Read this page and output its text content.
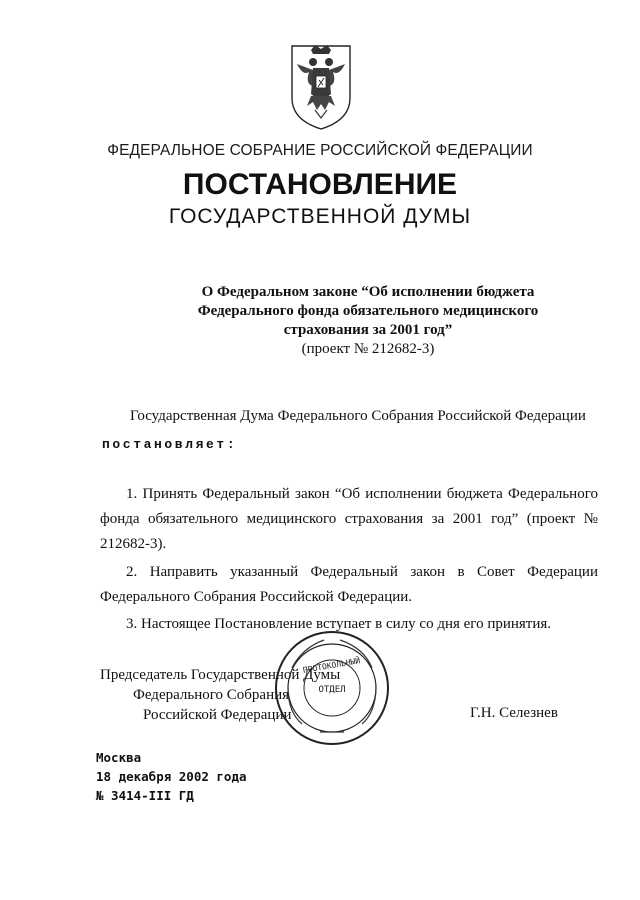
ФЕДЕРАЛЬНОЕ СОБРАНИЕ РОССИЙСКОЙ ФЕДЕРАЦИИ
ПОСТАНОВЛЕНИЕ
ГОСУДАРСТВЕННОЙ ДУМЫ
О Федеральном законе “Об исполнении бюджета
Федерального фонда обязательного медицинского
страхования за 2001 год”
(проект № 212682-3)
Государственная Дума Федерального Собрания Российской Федерации
постановляет:
1. Принять Федеральный закон “Об исполнении бюджета Федерального фонда обязательного медицинского страхования за 2001 год” (проект № 212682-3).
2. Направить указанный Федеральный закон в Совет Федерации Федерального Собрания Российской Федерации.
3. Настоящее Постановление вступает в силу со дня его принятия.
Председатель Государственной Думы
Федерального Собрания
Российской Федерации	Г.Н. Селезнев
ОТДЕЛ
ПРОТОКОЛЬНЫЙ
Москва
18 декабря 2002 года
№ 3414-III ГД
